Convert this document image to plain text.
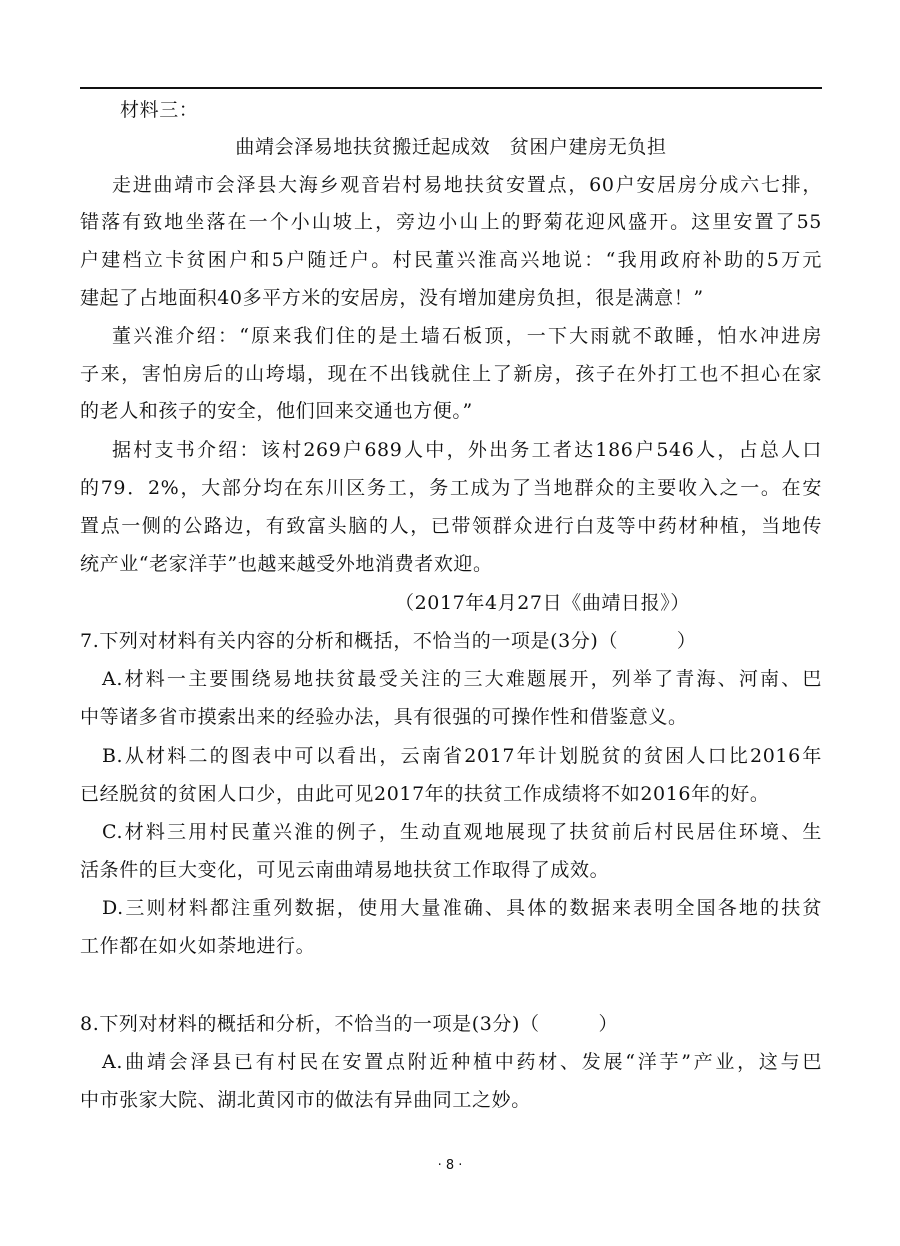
材料三：
曲靖会泽易地扶贫搬迁起成效　贫困户建房无负担
走进曲靖市会泽县大海乡观音岩村易地扶贫安置点，60户安居房分成六七排，
错落有致地坐落在一个小山坡上，旁边小山上的野菊花迎风盛开。这里安置了55
户建档立卡贫困户和5户随迁户。村民董兴淮高兴地说：“我用政府补助的5万元
建起了占地面积40多平方米的安居房，没有增加建房负担，很是满意！”
董兴淮介绍：“原来我们住的是土墙石板顶，一下大雨就不敢睡，怕水冲进房
子来，害怕房后的山垮塌，现在不出钱就住上了新房，孩子在外打工也不担心在家
的老人和孩子的安全，他们回来交通也方便。”
据村支书介绍：该村269户689人中，外出务工者达186户546人，占总人口
的79．2%，大部分均在东川区务工，务工成为了当地群众的主要收入之一。在安
置点一侧的公路边，有致富头脑的人，已带领群众进行白芨等中药材种植，当地传
统产业“老家洋芋”也越来越受外地消费者欢迎。
（2017年4月27日《曲靖日报》）
7.下列对材料有关内容的分析和概括，不恰当的一项是(3分)（　　　）
A.材料一主要围绕易地扶贫最受关注的三大难题展开，列举了青海、河南、巴
中等诸多省市摸索出来的经验办法，具有很强的可操作性和借鉴意义。
B.从材料二的图表中可以看出，云南省2017年计划脱贫的贫困人口比2016年
已经脱贫的贫困人口少，由此可见2017年的扶贫工作成绩将不如2016年的好。
C.材料三用村民董兴淮的例子，生动直观地展现了扶贫前后村民居住环境、生
活条件的巨大变化，可见云南曲靖易地扶贫工作取得了成效。
D.三则材料都注重列数据，使用大量准确、具体的数据来表明全国各地的扶贫
工作都在如火如荼地进行。
8.下列对材料的概括和分析，不恰当的一项是(3分)（　　　）
A.曲靖会泽县已有村民在安置点附近种植中药材、发展“洋芋”产业，这与巴
中市张家大院、湖北黄冈市的做法有异曲同工之妙。
· 8 ·
